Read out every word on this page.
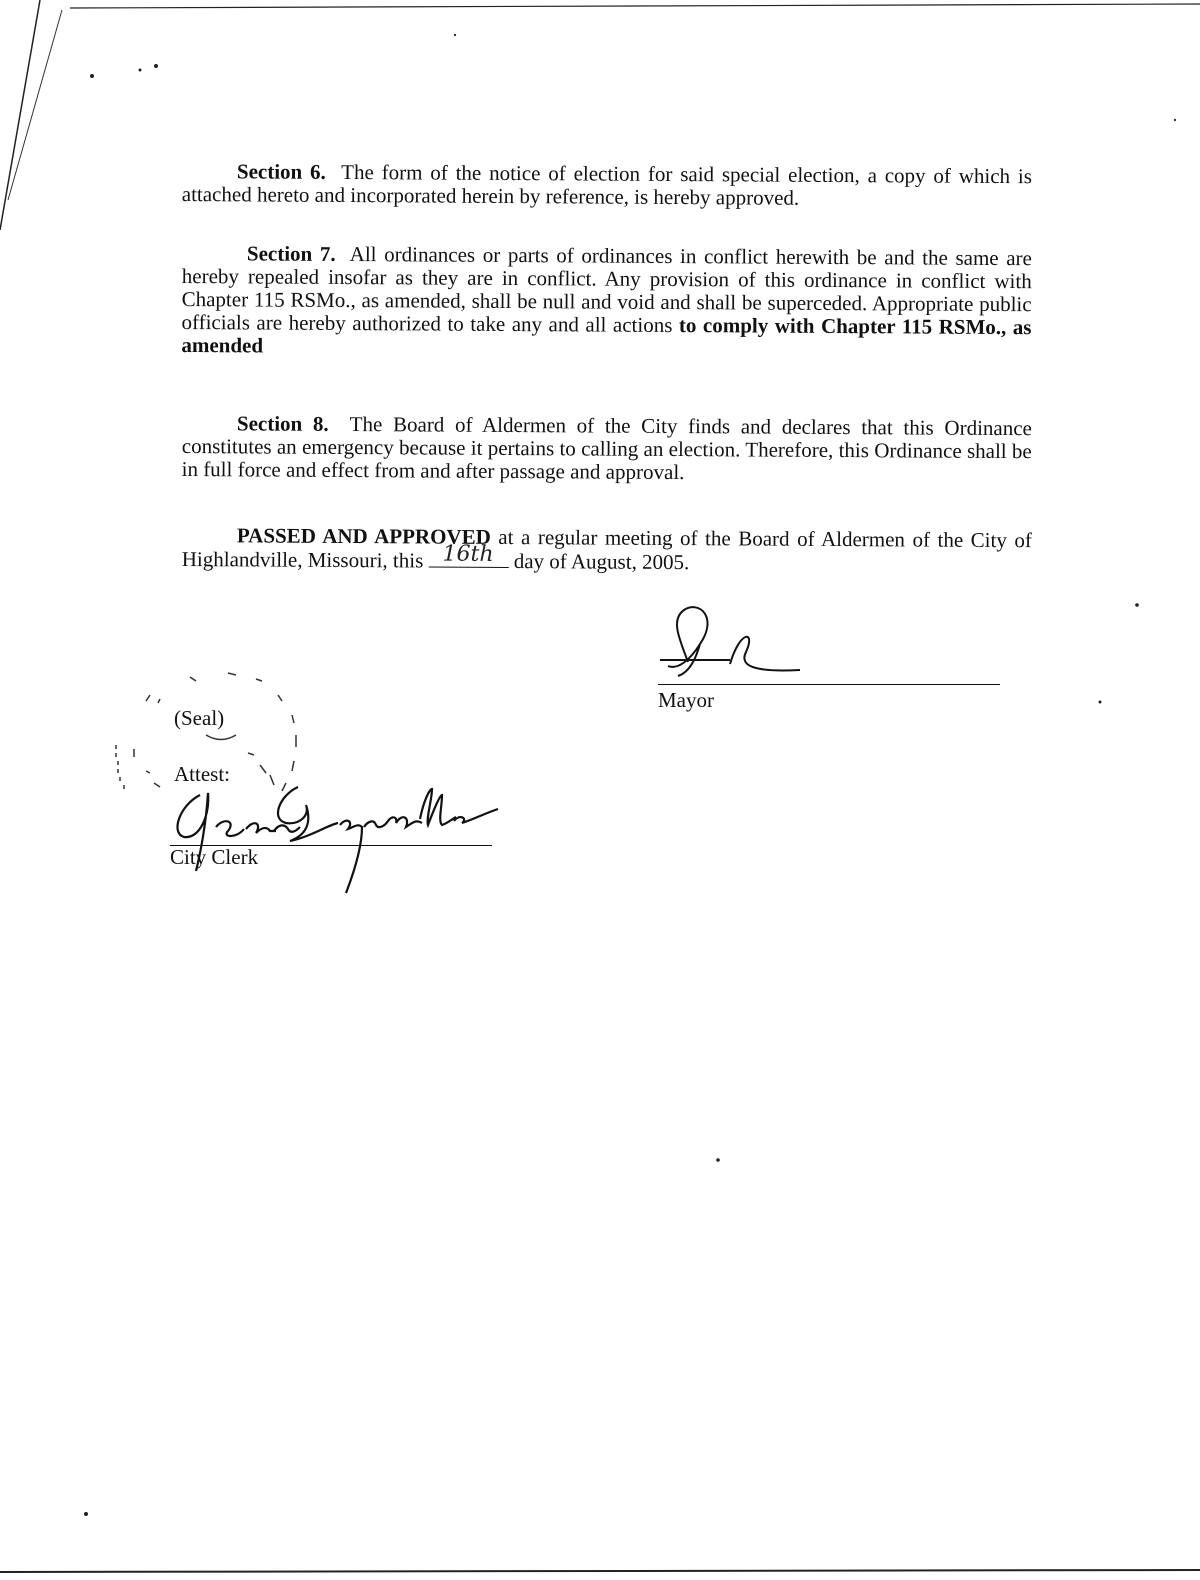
Section 6. The form of the notice of election for said special election, a copy of which is attached hereto and incorporated herein by reference, is hereby approved.

Section 7. All ordinances or parts of ordinances in conflict herewith be and the same are hereby repealed insofar as they are in conflict. Any provision of this ordinance in conflict with Chapter 115 RSMo., as amended, shall be null and void and shall be superceded. Appropriate public officials are hereby authorized to take any and all actions to comply with Chapter 115 RSMo., as amended

Section 8. The Board of Aldermen of the City finds and declares that this Ordinance constitutes an emergency because it pertains to calling an election. Therefore, this Ordinance shall be in full force and effect from and after passage and approval.

PASSED AND APPROVED at a regular meeting of the Board of Aldermen of the City of Highlandville, Missouri, this 16th day of August, 2005.

Mayor
(Seal)
Attest:
City Clerk
